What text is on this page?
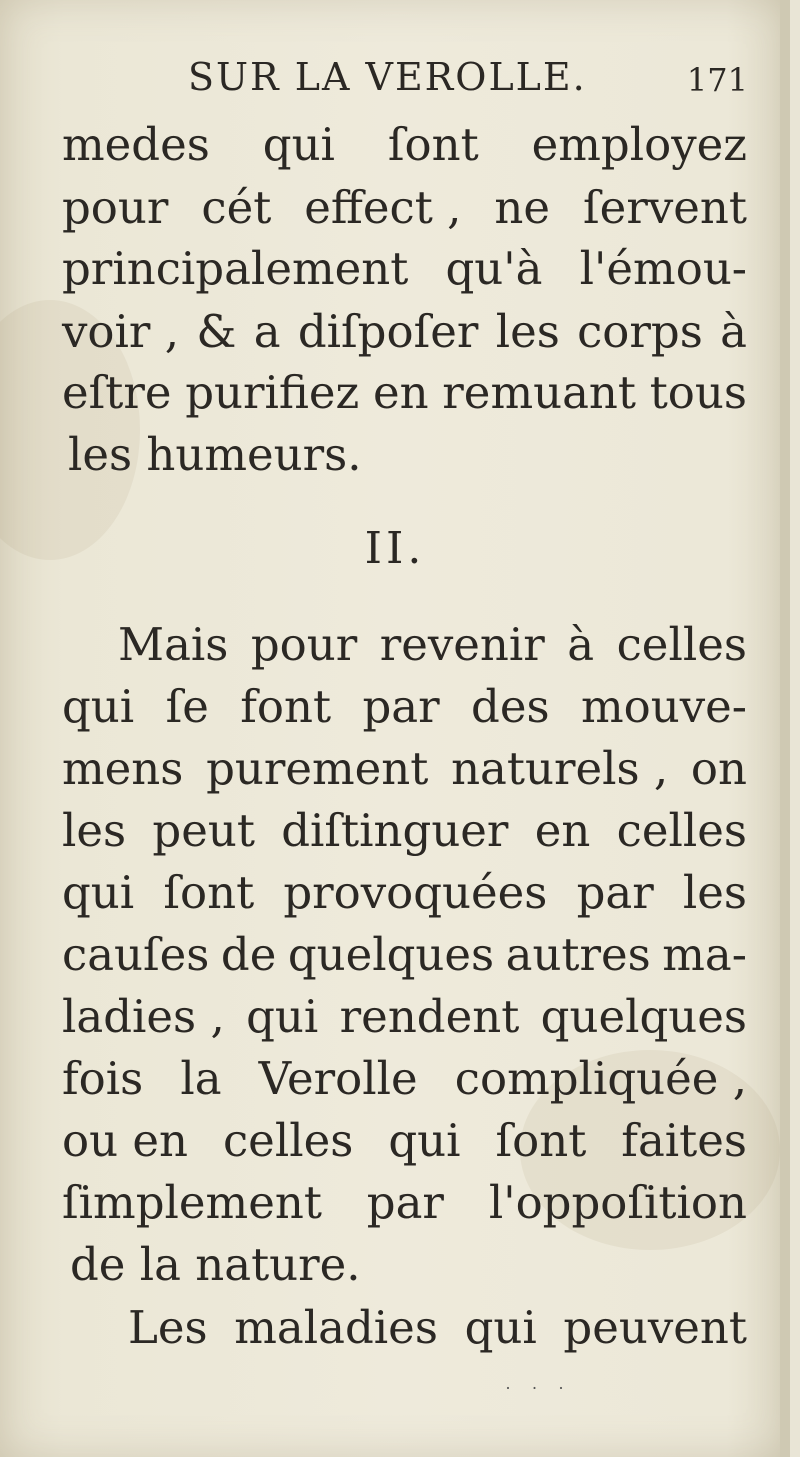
SUR LA VEROLLE.	171
medes qui ſont employez
pour cét effect , ne ſervent
principalement qu'à l'émou-
voir , & a diſpoſer les corps à
eſtre purifiez en remuant tous
les humeurs.
II.
Mais pour revenir à celles
qui ſe font par des mouve-
mens purement naturels , on
les peut diſtinguer en celles
qui ſont provoquées par les
cauſes de quelques autres ma-
ladies , qui rendent quelques
fois la Verolle compliquée ,
ou en celles qui ſont faites
ſimplement par l'oppoſition
de la nature.
Les maladies qui peuvent
· · ·
